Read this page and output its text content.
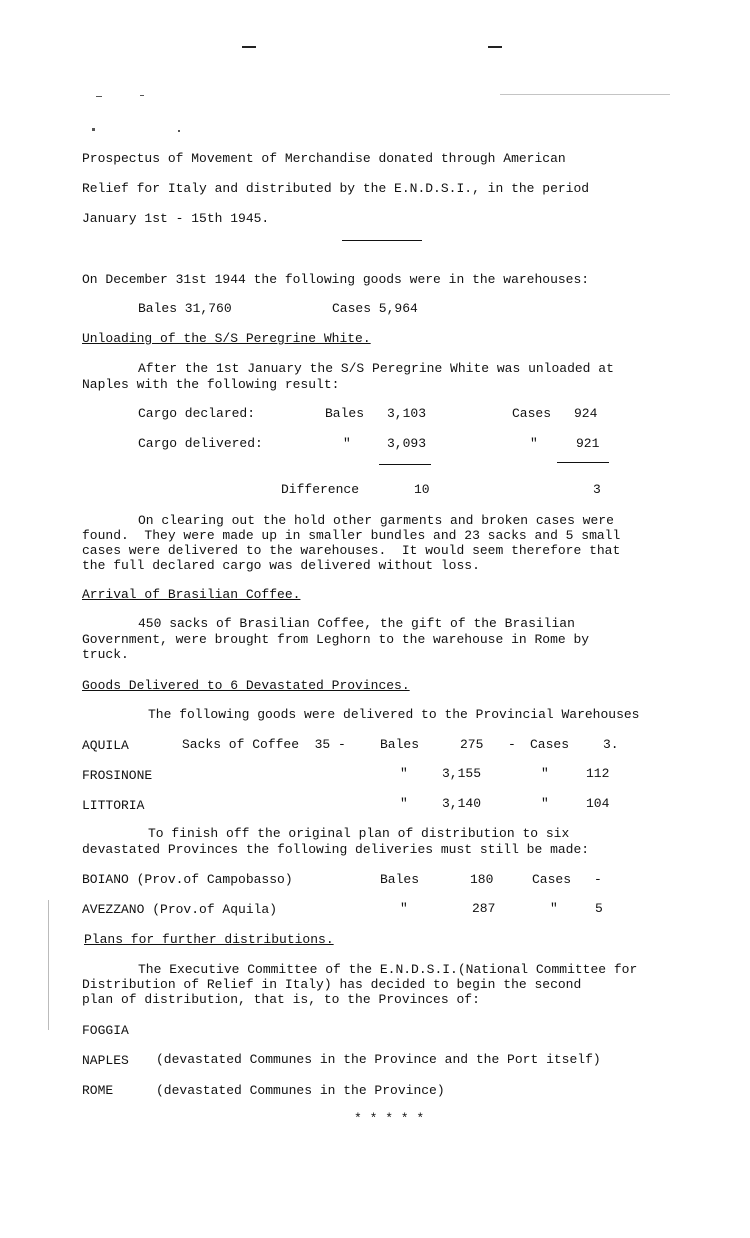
Prospectus of Movement of Merchandise donated through American
Relief for Italy and distributed by the E.N.D.S.I., in the period
January 1st - 15th 1945.
On December 31st 1944 the following goods were in the warehouses:
Bales 31,760	Cases 5,964
Unloading of the S/S Peregrine White.
After the 1st January the S/S Peregrine White was unloaded at
Naples with the following result:
Cargo declared:	Bales 3,103	Cases 924
Cargo delivered:	"	3,093	"	921
Difference	10	3
On clearing out the hold other garments and broken cases were
found.  They were made up in smaller bundles and 23 sacks and 5 small
cases were delivered to the warehouses.  It would seem therefore that
the full declared cargo was delivered without loss.
Arrival of Brasilian Coffee.
450 sacks of Brasilian Coffee, the gift of the Brasilian
Government, were brought from Leghorn to the warehouse in Rome by
truck.
Goods Delivered to 6 Devastated Provinces.
The following goods were delivered to the Provincial Warehouses
AQUILA	Sacks of Coffee  35 -	Bales	275 - Cases	3.
FROSINONE	"	3,155	"	112
LITTORIA	"	3,140	"	104
To finish off the original plan of distribution to six
devastated Provinces the following deliveries must still be made:
BOIANO (Prov.of Campobasso)	Bales	180	Cases -
AVEZZANO (Prov.of Aquila)	"	287	"	5
Plans for further distributions.
The Executive Committee of the E.N.D.S.I.(National Committee for
Distribution of Relief in Italy) has decided to begin the second
plan of distribution, that is, to the Provinces of:
FOGGIA
NAPLES (devastated Communes in the Province and the Port itself)
ROME	(devastated Communes in the Province)
* * * * *
